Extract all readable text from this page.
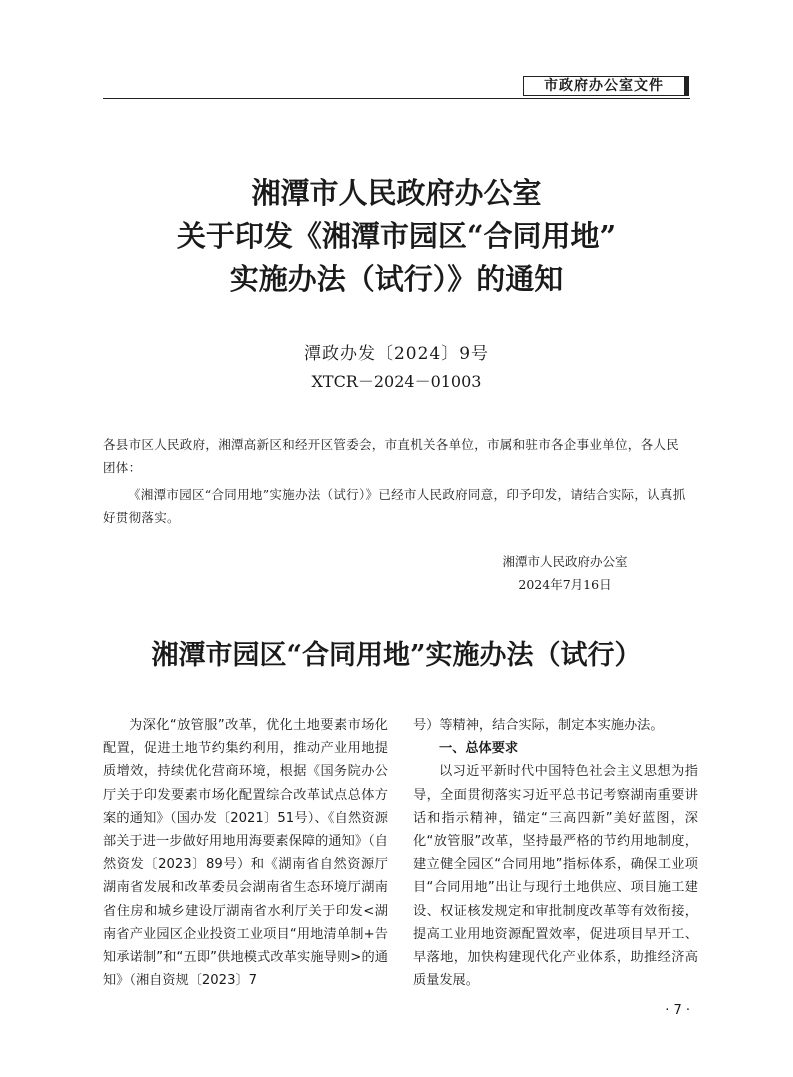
市政府办公室文件
湘潭市人民政府办公室
关于印发《湘潭市园区“合同用地”
实施办法（试行）》的通知
潭政办发〔2024〕9号
XTCR－2024－01003
各县市区人民政府，湘潭高新区和经开区管委会，市直机关各单位，市属和驻市各企事业单位，各人民团体：
《湘潭市园区“合同用地”实施办法（试行）》已经市人民政府同意，印予印发，请结合实际，认真抓好贯彻落实。
湘潭市人民政府办公室
2024年7月16日
湘潭市园区“合同用地”实施办法（试行）

为深化“放管服”改革，优化土地要素市场化配置，促进土地节约集约利用，推动产业用地提质增效，持续优化营商环境，根据《国务院办公厅关于印发要素市场化配置综合改革试点总体方案的通知》（国办发〔2021〕51号）、《自然资源部关于进一步做好用地用海要素保障的通知》（自然资发〔2023〕89号）和《湖南省自然资源厅湖南省发展和改革委员会湖南省生态环境厅湖南省住房和城乡建设厅湖南省水利厅关于印发<湖南省产业园区企业投资工业项目“用地清单制+告知承诺制”和“五即”供地模式改革实施导则>的通知》（湘自资规〔2023〕7

号）等精神，结合实际，制定本实施办法。

一、总体要求

以习近平新时代中国特色社会主义思想为指导，全面贯彻落实习近平总书记考察湖南重要讲话和指示精神，锚定“三高四新”美好蓝图，深化“放管服”改革，坚持最严格的节约用地制度，建立健全园区“合同用地”指标体系，确保工业项目“合同用地”出让与现行土地供应、项目施工建设、权证核发规定和审批制度改革等有效衔接，提高工业用地资源配置效率，促进项目早开工、早落地，加快构建现代化产业体系，助推经济高质量发展。

· 7 ·
